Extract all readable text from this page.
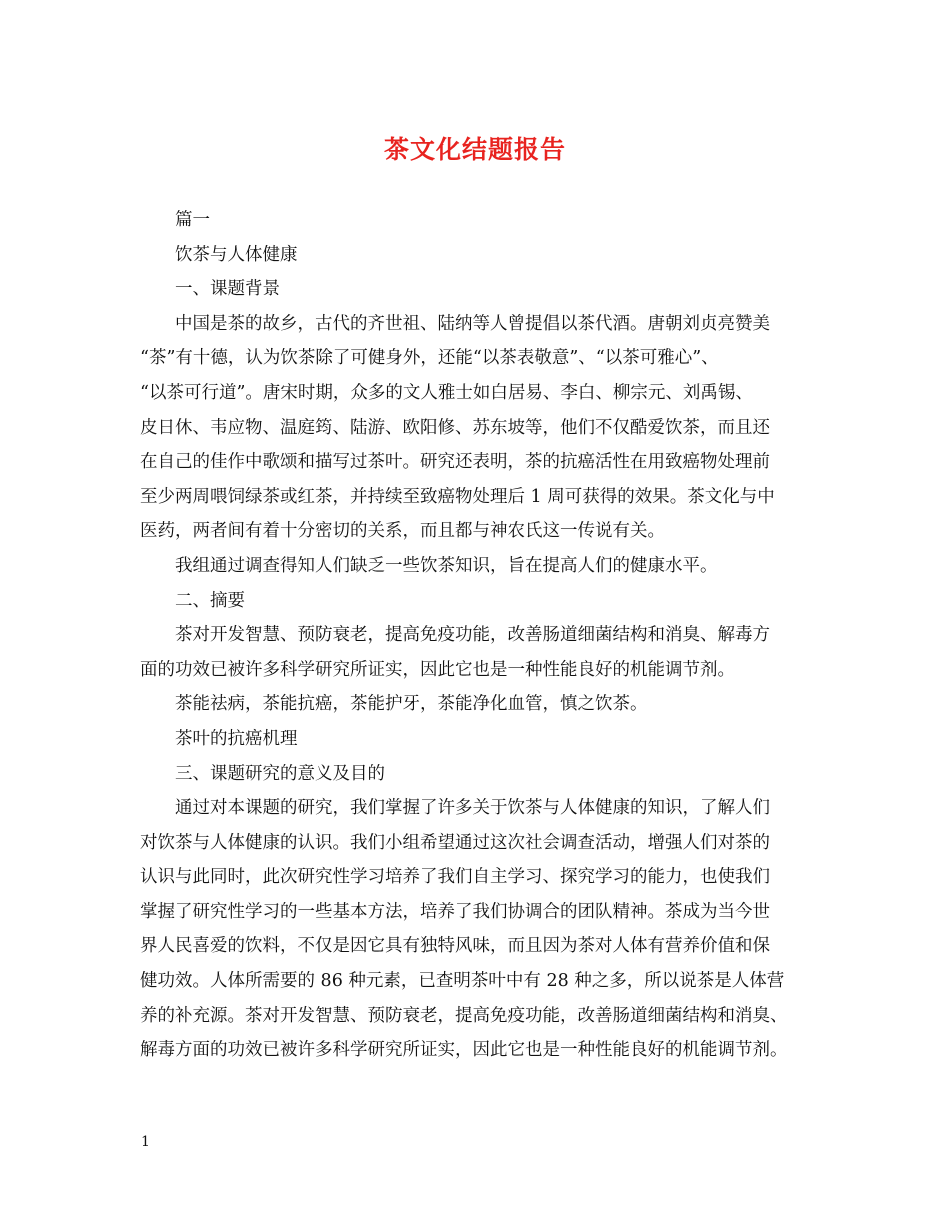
茶文化结题报告
篇一
饮茶与人体健康
一、课题背景
中国是茶的故乡，古代的齐世祖、陆纳等人曾提倡以茶代酒。唐朝刘贞亮赞美
“茶”有十德，认为饮茶除了可健身外，还能“以茶表敬意”、“以茶可雅心”、
“以茶可行道”。唐宋时期，众多的文人雅士如白居易、李白、柳宗元、刘禹锡、
皮日休、韦应物、温庭筠、陆游、欧阳修、苏东坡等，他们不仅酷爱饮茶，而且还
在自己的佳作中歌颂和描写过茶叶。研究还表明，茶的抗癌活性在用致癌物处理前
至少两周喂饲绿茶或红茶，并持续至致癌物处理后 1 周可获得的效果。茶文化与中
医药，两者间有着十分密切的关系，而且都与神农氏这一传说有关。
我组通过调查得知人们缺乏一些饮茶知识，旨在提高人们的健康水平。
二、摘要
茶对开发智慧、预防衰老，提高免疫功能，改善肠道细菌结构和消臭、解毒方
面的功效已被许多科学研究所证实，因此它也是一种性能良好的机能调节剂。
茶能祛病，茶能抗癌，茶能护牙，茶能净化血管，慎之饮茶。
茶叶的抗癌机理
三、课题研究的意义及目的
通过对本课题的研究，我们掌握了许多关于饮茶与人体健康的知识，了解人们
对饮茶与人体健康的认识。我们小组希望通过这次社会调查活动，增强人们对茶的
认识与此同时，此次研究性学习培养了我们自主学习、探究学习的能力，也使我们
掌握了研究性学习的一些基本方法，培养了我们协调合的团队精神。茶成为当今世
界人民喜爱的饮料，不仅是因它具有独特风味，而且因为茶对人体有营养价值和保
健功效。人体所需要的 86 种元素，已查明茶叶中有 28 种之多，所以说茶是人体营
养的补充源。茶对开发智慧、预防衰老，提高免疫功能，改善肠道细菌结构和消臭、
解毒方面的功效已被许多科学研究所证实，因此它也是一种性能良好的机能调节剂。
1
